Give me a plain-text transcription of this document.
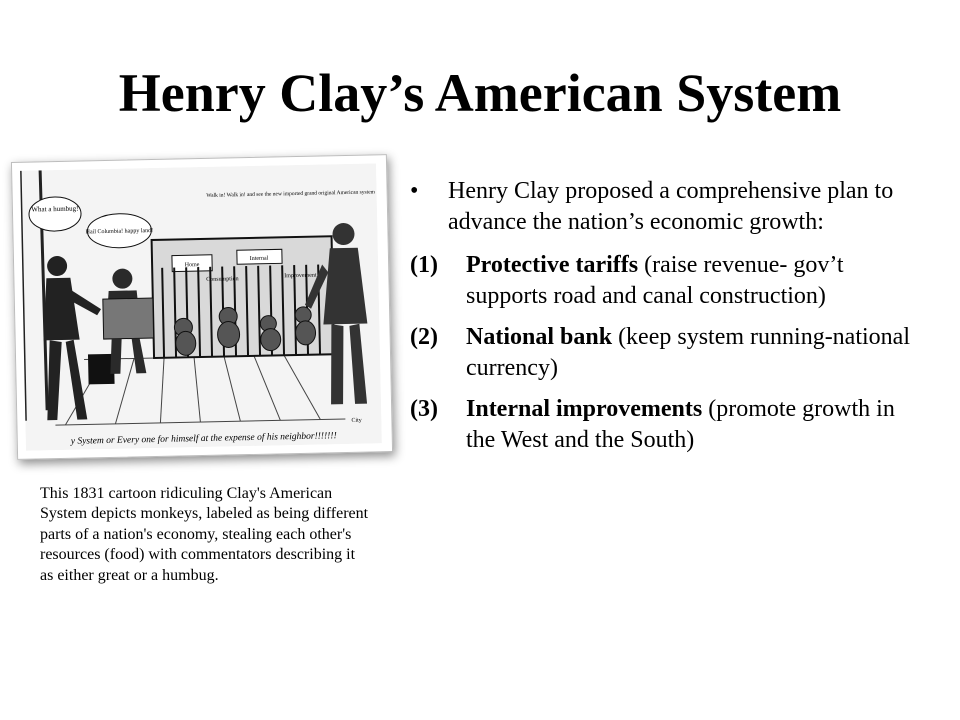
Henry Clay’s American System
What a humbug!
Hail Columbia! happy land!
Walk in! Walk in! and see the new imported grand original American system
Home
Consumption
Internal
Improvement
City
y System or Every one for himself at the expense of his neighbor!!!!!!!
This 1831 cartoon ridiculing Clay's American System depicts monkeys, labeled as being different parts of a nation's economy, stealing each other's resources (food) with commentators describing it as either great or a humbug.
• Henry Clay proposed a comprehensive plan to advance the nation’s economic growth:
(1) Protective tariffs (raise revenue- gov’t supports road and canal construction)
(2) National bank (keep system running-national currency)
(3) Internal improvements (promote growth in the West and the South)
